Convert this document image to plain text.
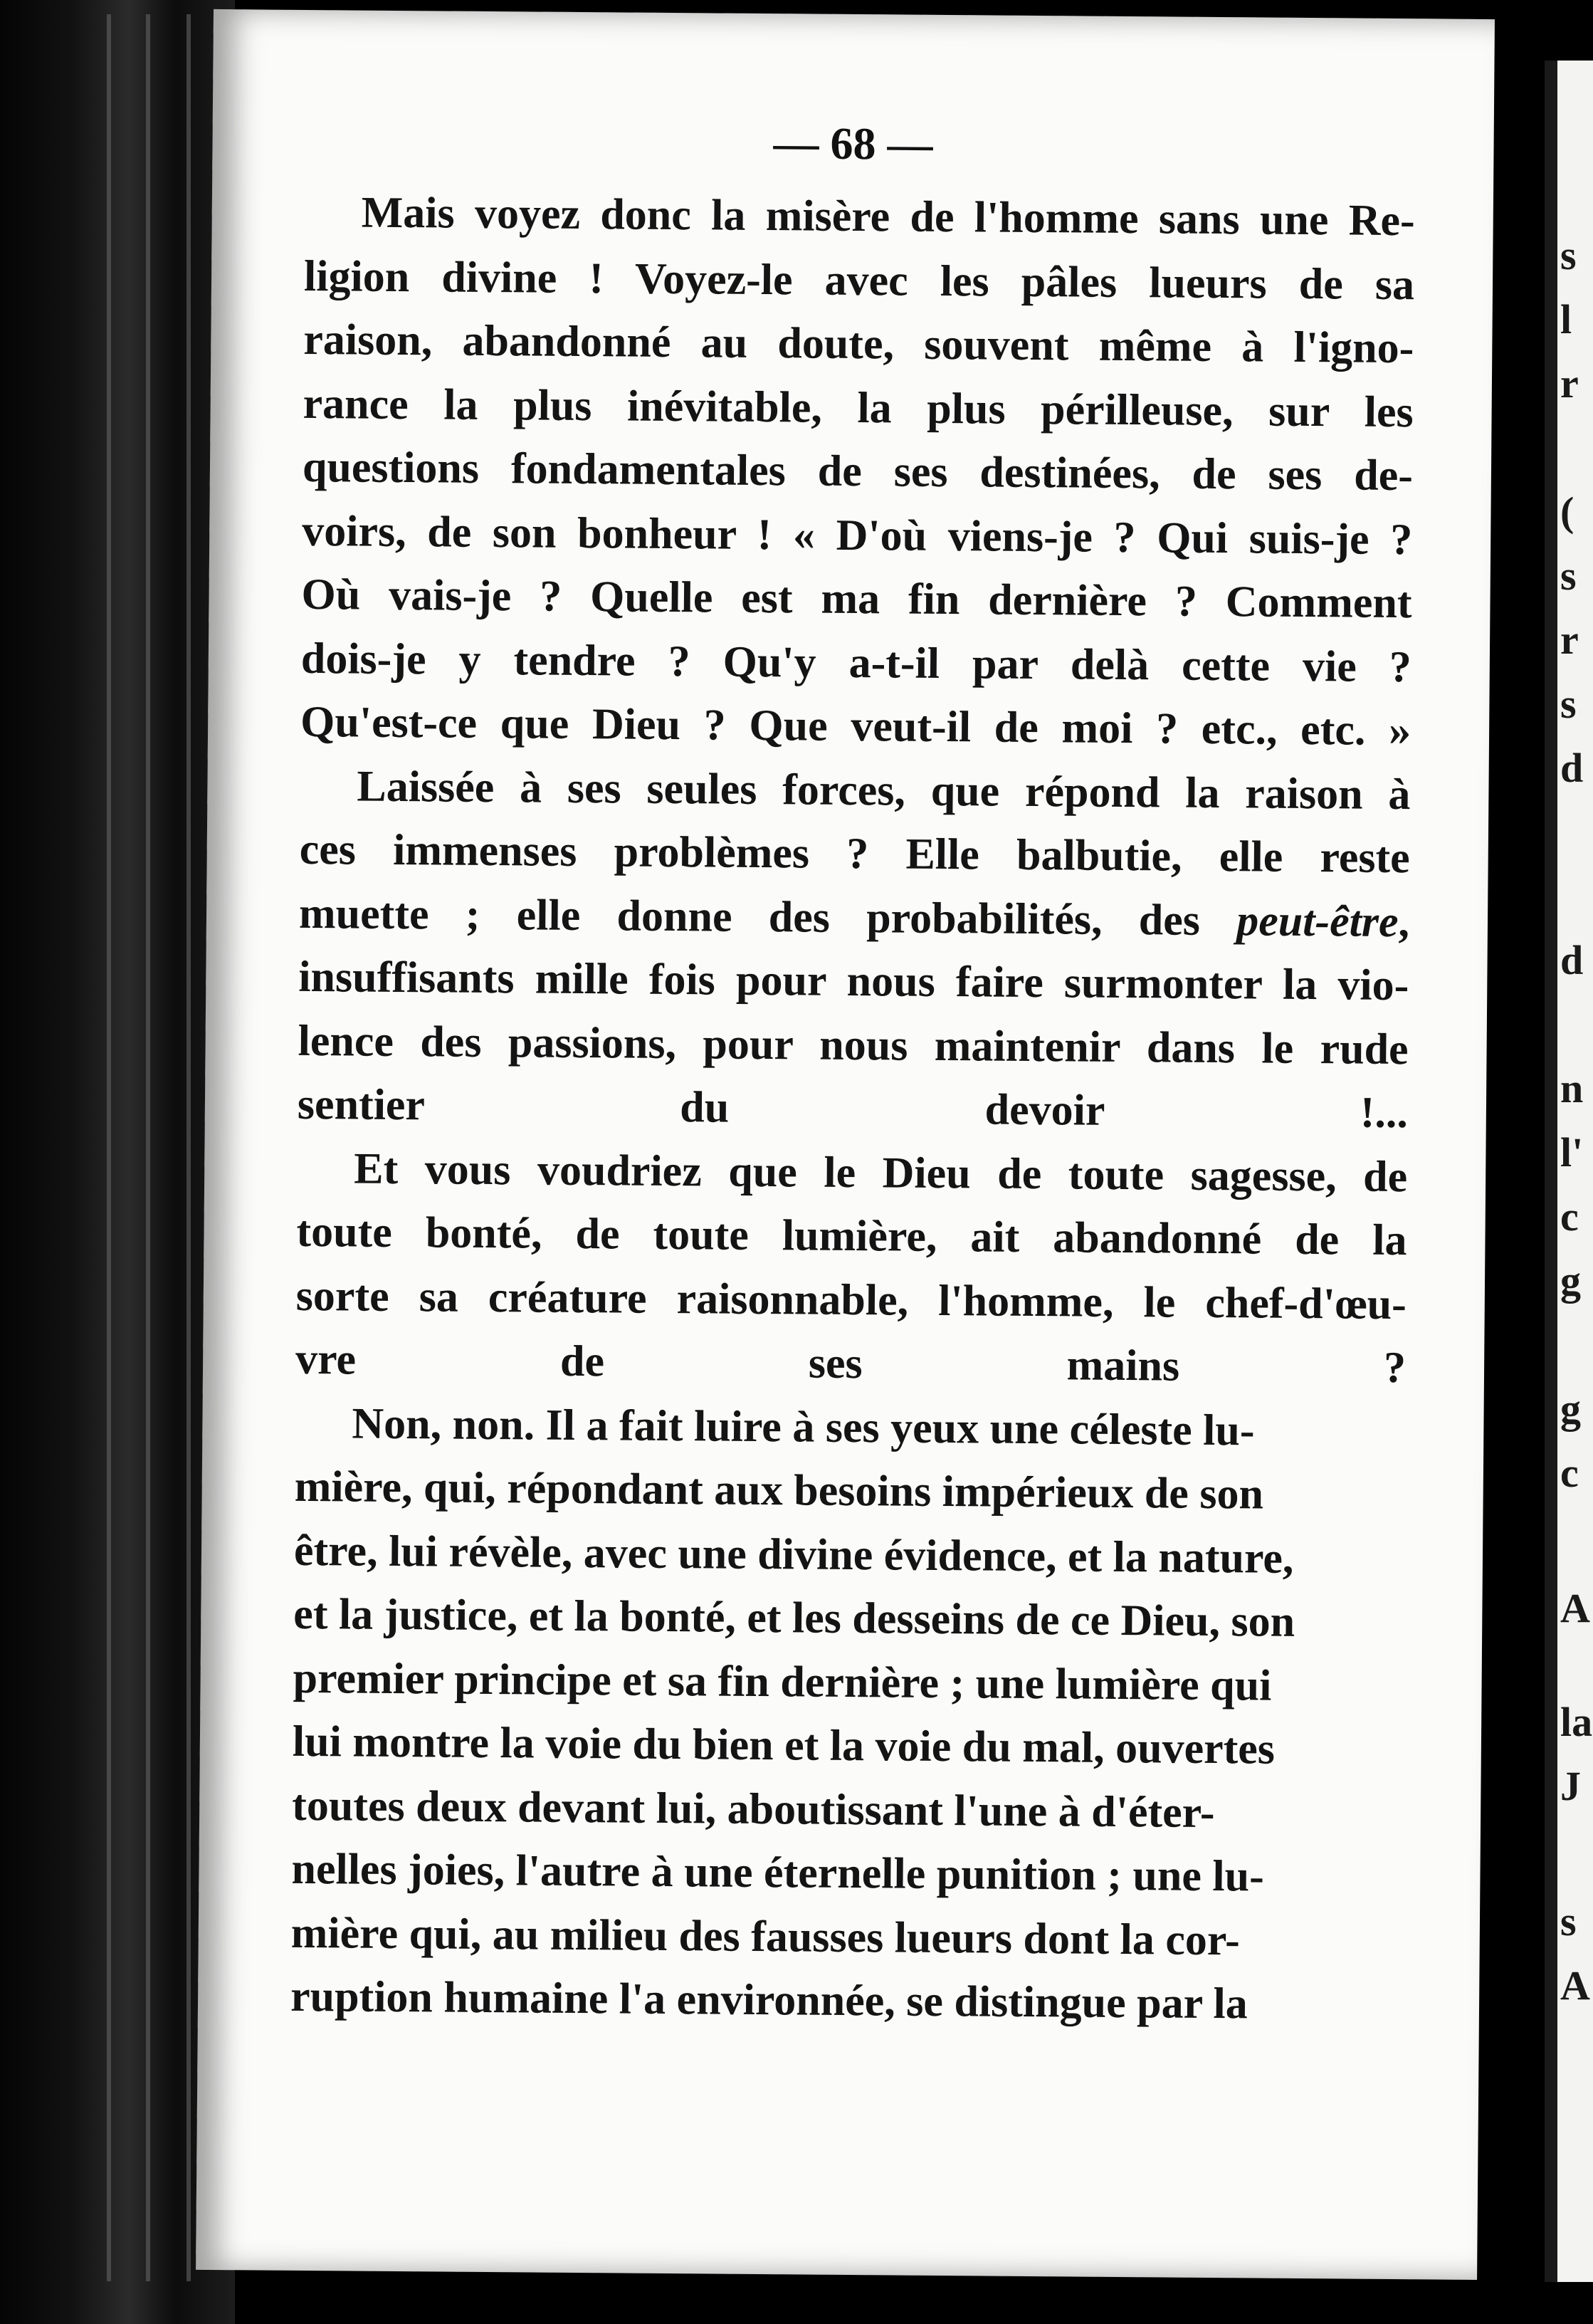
— 68 —

Mais voyez donc la misère de l'homme sans une Re-
ligion divine ! Voyez-le avec les pâles lueurs de sa
raison, abandonné au doute, souvent même à l'igno-
rance la plus inévitable, la plus périlleuse, sur les
questions fondamentales de ses destinées, de ses de-
voirs, de son bonheur ! « D'où viens-je ? Qui suis-je ?
Où vais-je ? Quelle est ma fin dernière ? Comment
dois-je y tendre ? Qu'y a-t-il par delà cette vie ?
Qu'est-ce que Dieu ? Que veut-il de moi ? etc., etc. »

Laissée à ses seules forces, que répond la raison à
ces immenses problèmes ? Elle balbutie, elle reste
muette ; elle donne des probabilités, des peut-être,
insuffisants mille fois pour nous faire surmonter la vio-
lence des passions, pour nous maintenir dans le rude
sentier du devoir !...

Et vous voudriez que le Dieu de toute sagesse, de
toute bonté, de toute lumière, ait abandonné de la
sorte sa créature raisonnable, l'homme, le chef-d'œu-
vre de ses mains ?

Non, non. Il a fait luire à ses yeux une céleste lu-
mière, qui, répondant aux besoins impérieux de son
être, lui révèle, avec une divine évidence, et la nature,
et la justice, et la bonté, et les desseins de ce Dieu, son
premier principe et sa fin dernière ; une lumière qui
lui montre la voie du bien et la voie du mal, ouvertes
toutes deux devant lui, aboutissant l'une à d'éter-
nelles joies, l'autre à une éternelle punition ; une lu-
mière qui, au milieu des fausses lueurs dont la cor-
ruption humaine l'a environnée, se distingue par la

s
l
r
(
s
r
s
d
d
n
l'
c
g
g
c
A
la
J
s
A
